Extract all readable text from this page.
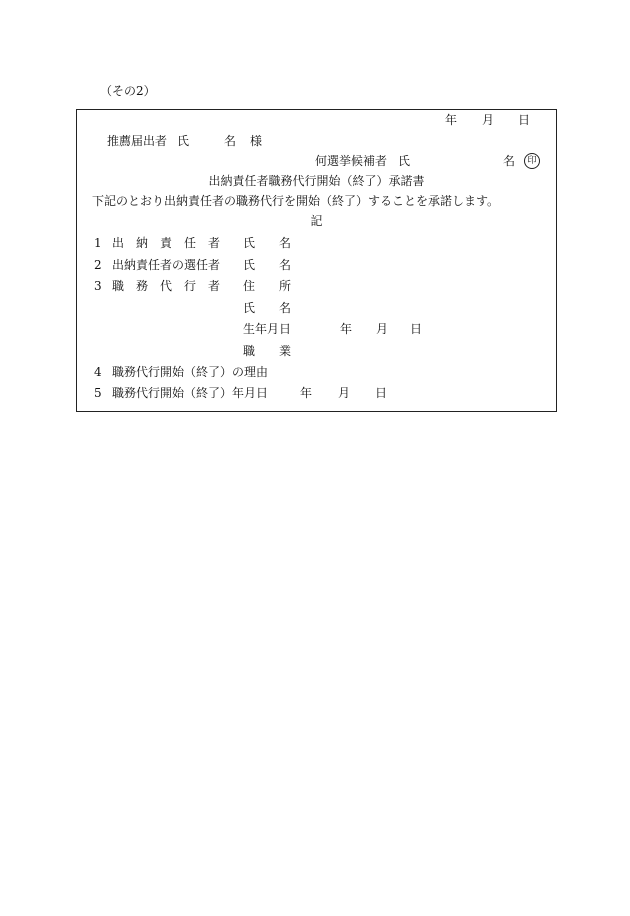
（その2）
年 月 日
推薦届出者 氏	名 様
何選挙候補者 氏	名	印
出納責任者職務代行開始（終了）承諾書
下記のとおり出納責任者の職務代行を開始（終了）することを承諾します。
記
1 出　納　責　任　者 氏　　名
2 出納責任者の選任者 氏　　名
3 職　務　代　行　者 住　　所
氏　　名
生年月日	年 月 日
職　　業
4 職務代行開始（終了）の理由
5 職務代行開始（終了）年月日	年 月 日
